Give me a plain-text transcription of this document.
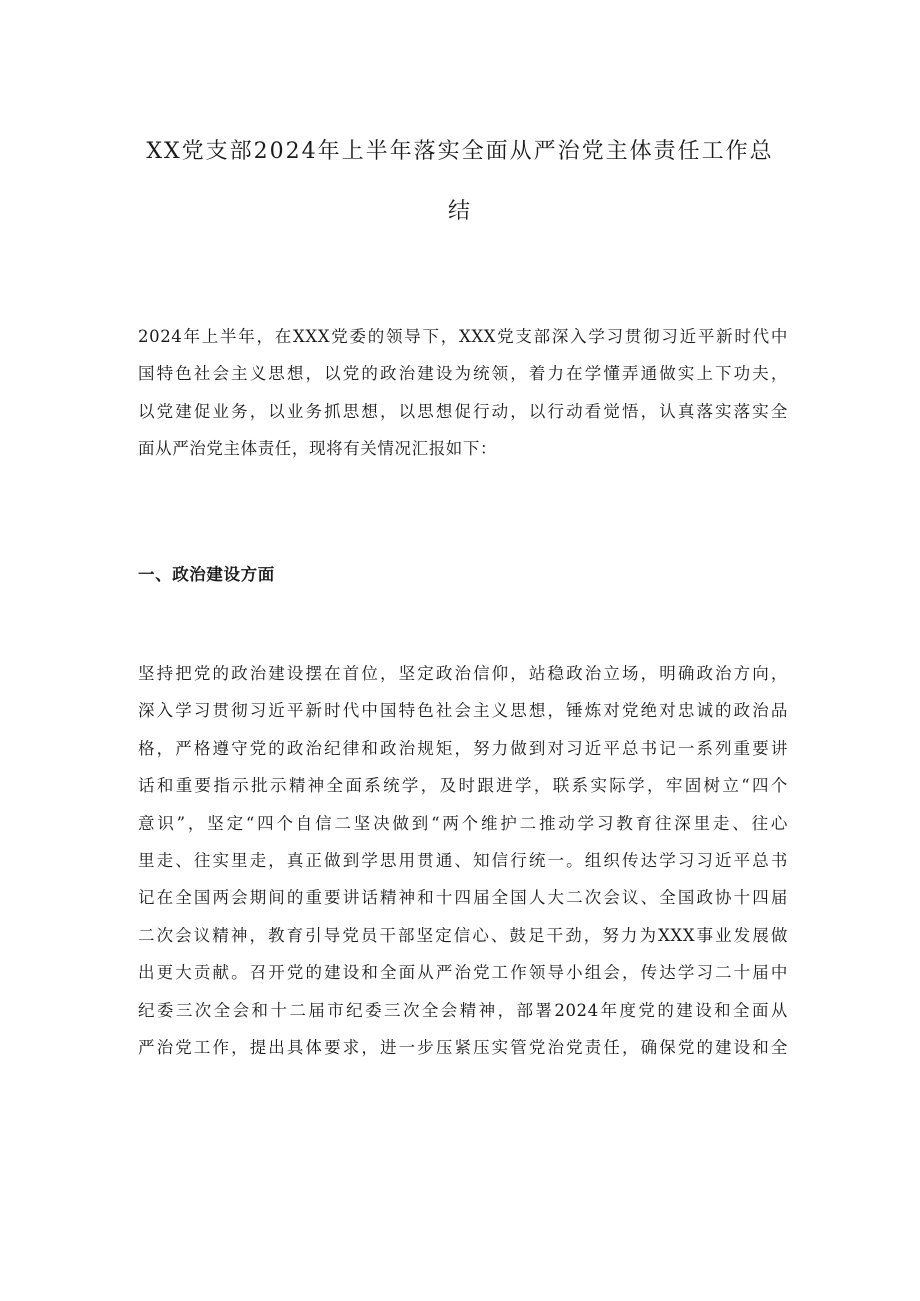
XX党支部2024年上半年落实全面从严治党主体责任工作总
结

2024年上半年，在XXX党委的领导下，XXX党支部深入学习贯彻习近平新时代中
国特色社会主义思想，以党的政治建设为统领，着力在学懂弄通做实上下功夫，
以党建促业务，以业务抓思想，以思想促行动，以行动看觉悟，认真落实落实全
面从严治党主体责任，现将有关情况汇报如下：

一、政治建设方面

坚持把党的政治建设摆在首位，坚定政治信仰，站稳政治立场，明确政治方向，
深入学习贯彻习近平新时代中国特色社会主义思想，锤炼对党绝对忠诚的政治品
格，严格遵守党的政治纪律和政治规矩，努力做到对习近平总书记一系列重要讲
话和重要指示批示精神全面系统学，及时跟进学，联系实际学，牢固树立“四个
意识”，坚定“四个自信二坚决做到“两个维护二推动学习教育往深里走、往心
里走、往实里走，真正做到学思用贯通、知信行统一。组织传达学习习近平总书
记在全国两会期间的重要讲话精神和十四届全国人大二次会议、全国政协十四届
二次会议精神，教育引导党员干部坚定信心、鼓足干劲，努力为XXX事业发展做
出更大贡献。召开党的建设和全面从严治党工作领导小组会，传达学习二十届中
纪委三次全会和十二届市纪委三次全会精神，部署2024年度党的建设和全面从
严治党工作，提出具体要求，进一步压紧压实管党治党责任，确保党的建设和全
